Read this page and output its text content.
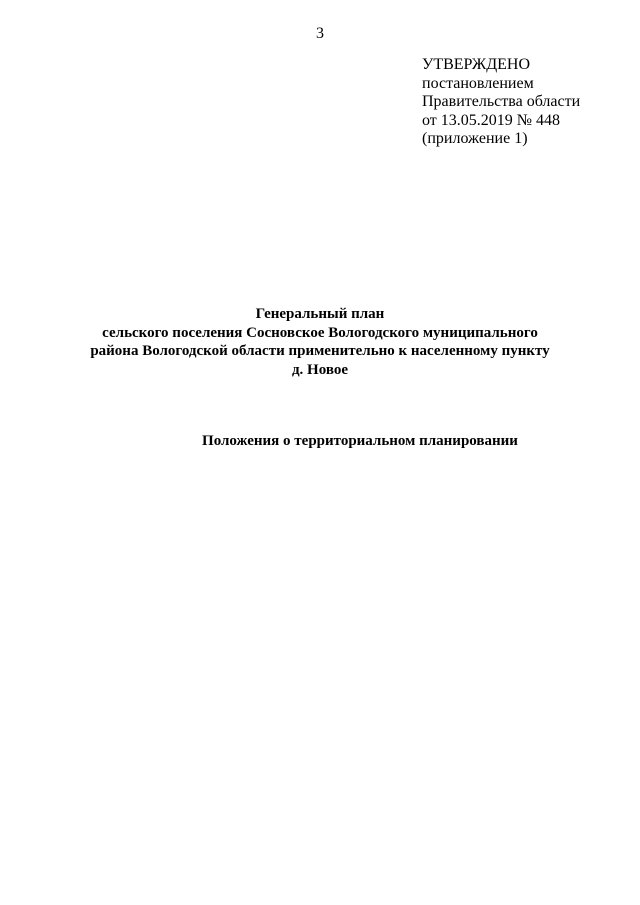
3
УТВЕРЖДЕНО
постановлением
Правительства области
от 13.05.2019 № 448
(приложение 1)
Генеральный план
сельского поселения Сосновское Вологодского муниципального
района Вологодской области применительно к населенному пункту
д. Новое
Положения о территориальном планировании
